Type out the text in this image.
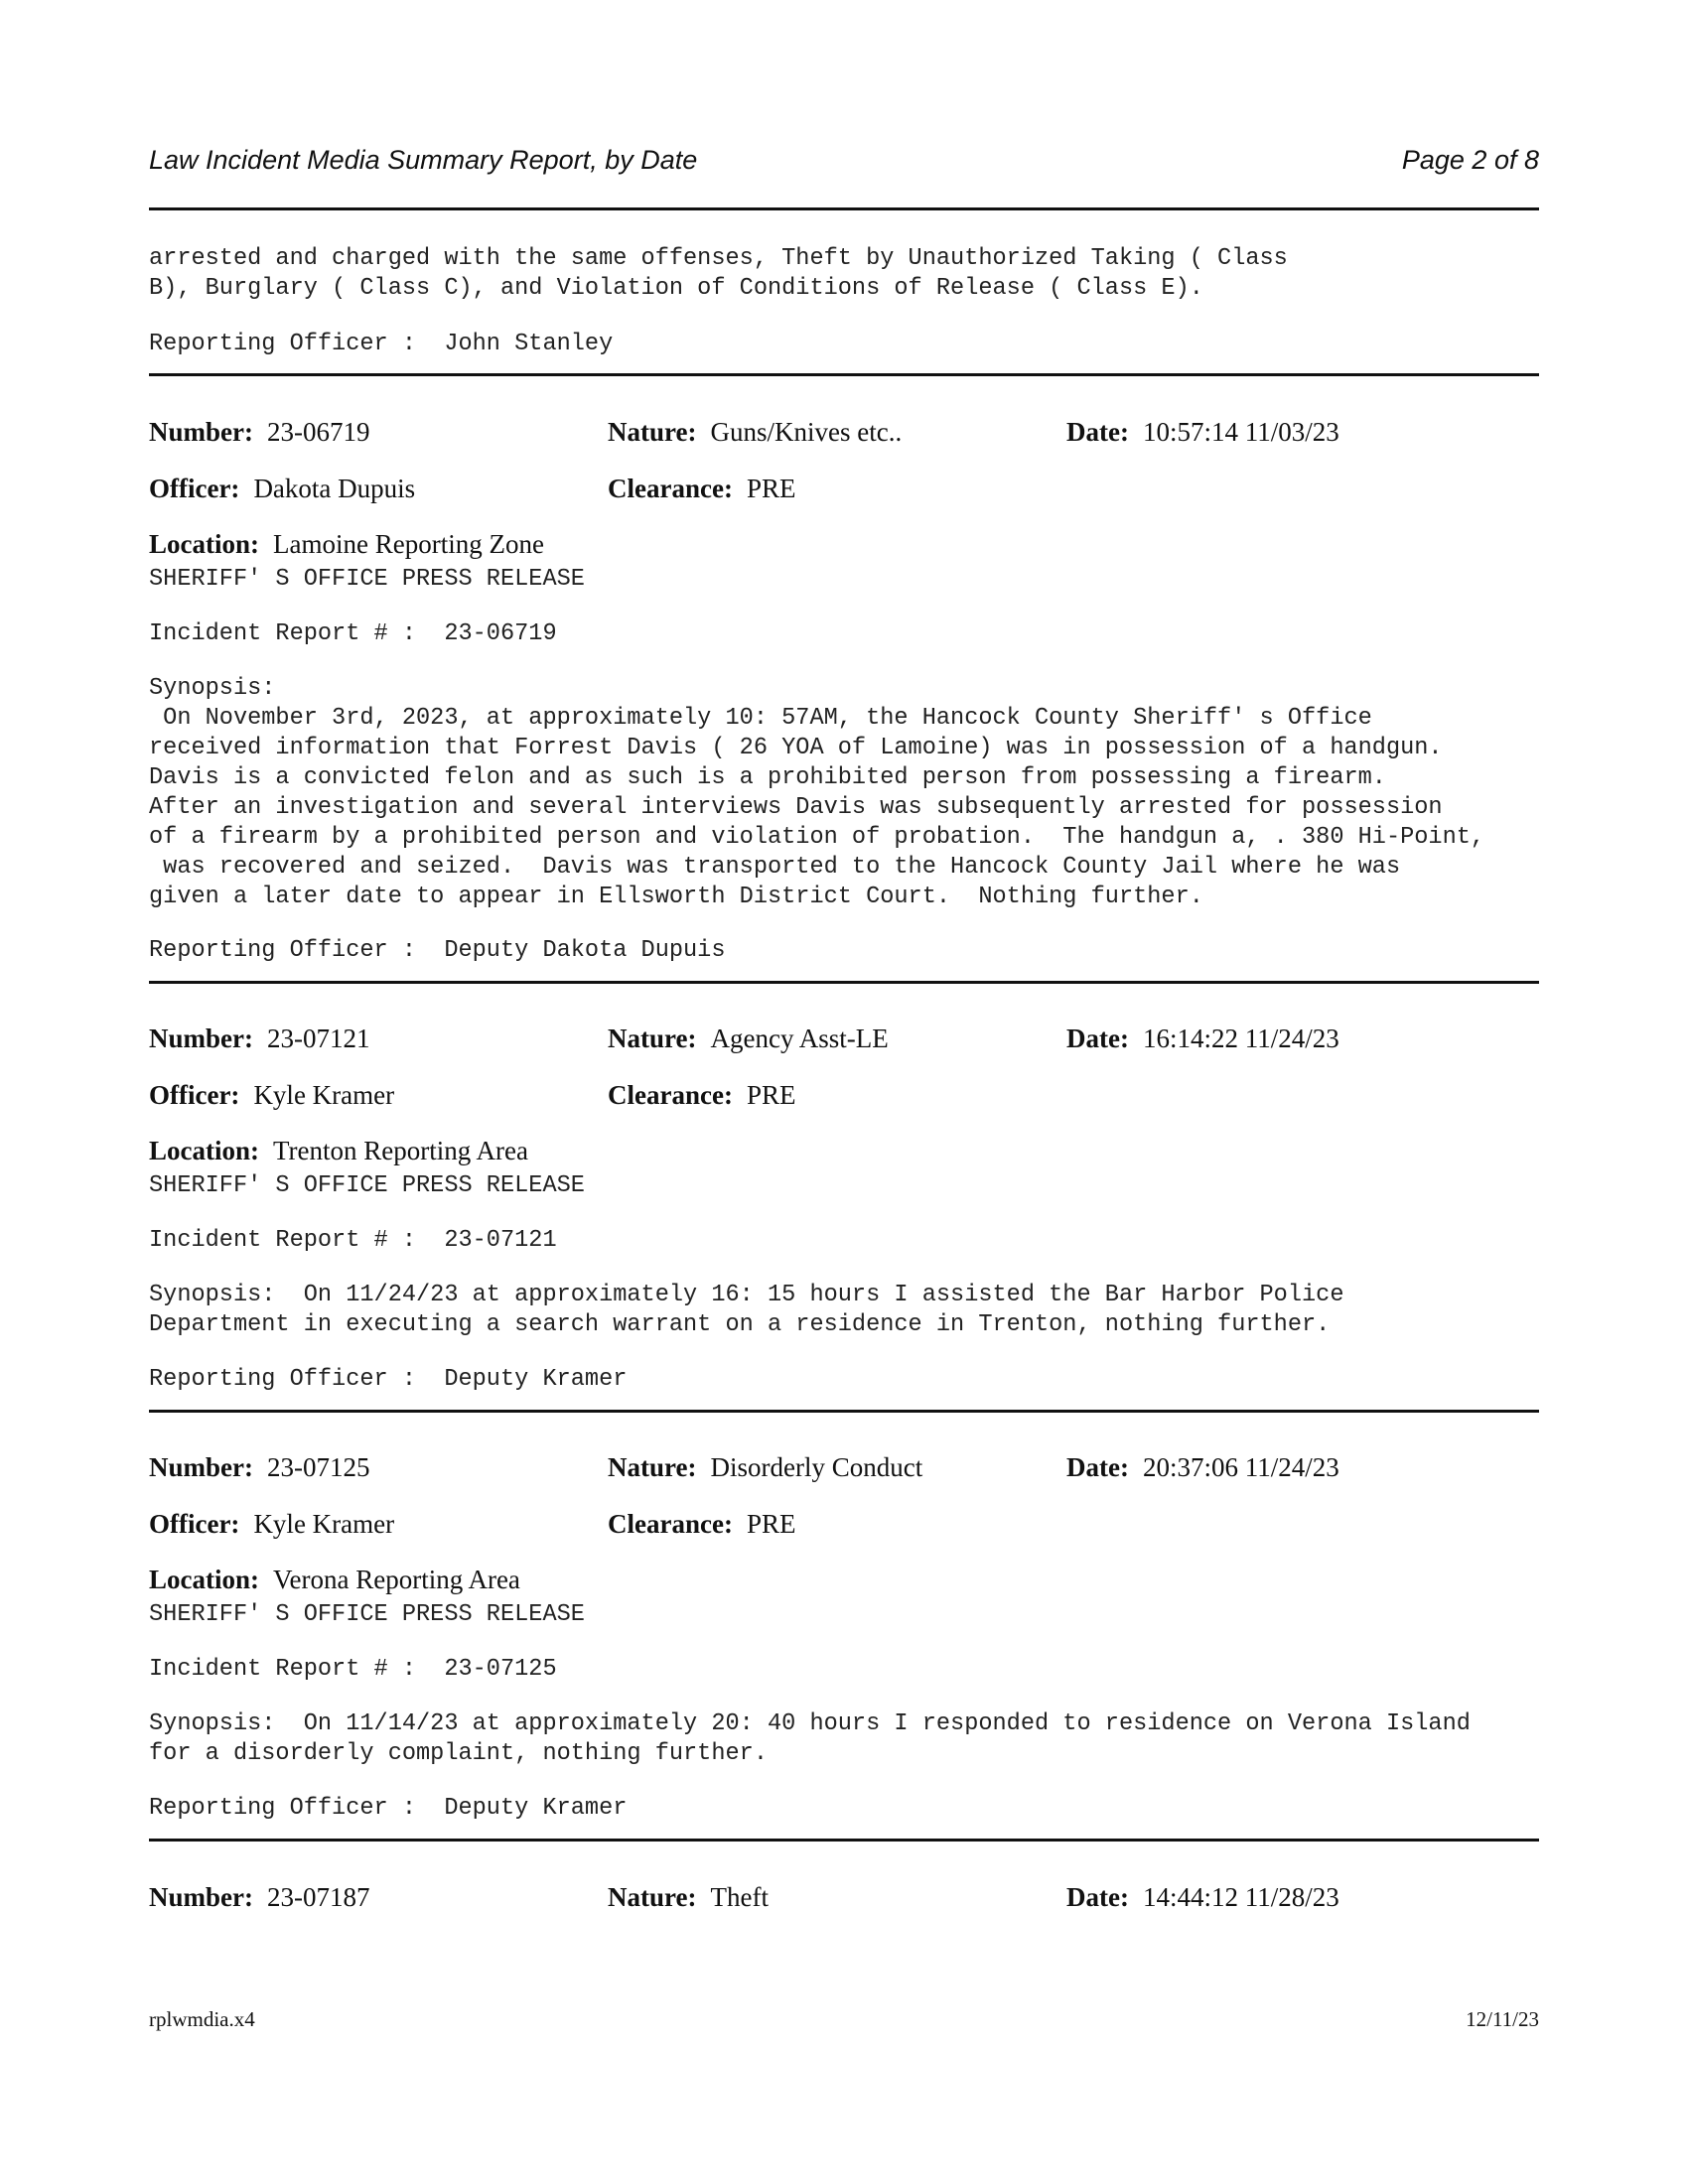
Law Incident Media Summary Report, by Date	Page 2 of 8
arrested and charged with the same offenses, Theft by Unauthorized Taking ( Class
B), Burglary ( Class C), and Violation of Conditions of Release ( Class E).
Reporting Officer :  John Stanley
Number: 23-06719	Nature: Guns/Knives etc..	Date: 10:57:14 11/03/23
Officer: Dakota Dupuis	Clearance: PRE
Location: Lamoine Reporting Zone
SHERIFF' S OFFICE PRESS RELEASE
Incident Report # :  23-06719
Synopsis:
On November 3rd, 2023, at approximately 10: 57AM, the Hancock County Sheriff' s Office
received information that Forrest Davis ( 26 YOA of Lamoine) was in possession of a handgun.
Davis is a convicted felon and as such is a prohibited person from possessing a firearm.
After an investigation and several interviews Davis was subsequently arrested for possession
of a firearm by a prohibited person and violation of probation.  The handgun a, . 380 Hi-Point,
was recovered and seized.  Davis was transported to the Hancock County Jail where he was
given a later date to appear in Ellsworth District Court.  Nothing further.
Reporting Officer :  Deputy Dakota Dupuis
Number: 23-07121	Nature: Agency Asst-LE	Date: 16:14:22 11/24/23
Officer: Kyle Kramer	Clearance: PRE
Location: Trenton Reporting Area
SHERIFF' S OFFICE PRESS RELEASE
Incident Report # :  23-07121
Synopsis:  On 11/24/23 at approximately 16: 15 hours I assisted the Bar Harbor Police
Department in executing a search warrant on a residence in Trenton, nothing further.
Reporting Officer :  Deputy Kramer
Number: 23-07125	Nature: Disorderly Conduct	Date: 20:37:06 11/24/23
Officer: Kyle Kramer	Clearance: PRE
Location: Verona Reporting Area
SHERIFF' S OFFICE PRESS RELEASE
Incident Report # :  23-07125
Synopsis:  On 11/14/23 at approximately 20: 40 hours I responded to residence on Verona Island
for a disorderly complaint, nothing further.
Reporting Officer :  Deputy Kramer
Number: 23-07187	Nature: Theft	Date: 14:44:12 11/28/23
rplwmdia.x4	12/11/23
